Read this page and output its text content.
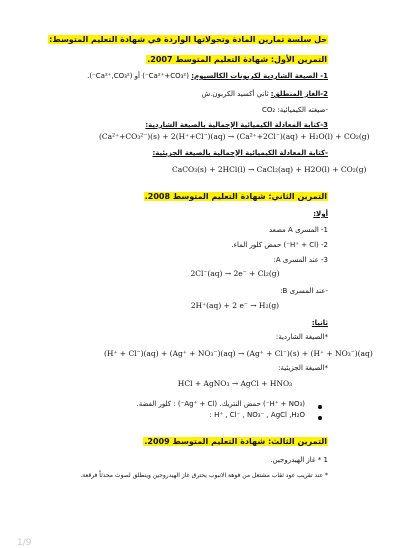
حل سلسة تمارين المادة وتحولاتها الواردة في شهادة التعليم المتوسط:
التمرين الأول: شهادة التعليم المتوسط 2007.
1- الصيغة الشاردية لكربونات الكالسيوم: (Ca²⁺+CO₃²⁻) أو (Ca²⁺,CO₃²⁻).
2-الغاز المنطلق: ثاني أكسيد الكربون.ش
-صيغته الكيميائية: CO₂
3-كتابة المعادلة الكيميائية الإجمالية بالصيغة الشاردية:
(Ca²⁺+CO₃²⁻)(s) + 2(H⁺+Cl⁻)(aq) → (Ca²⁺+2Cl⁻)(aq) + H₂O(l) + CO₂(g)
-كتابة المعادلة الكيميائية الإجمالية بالصيغة الجزيئية:
CaCO₃(s) + 2HCl(l) → CaCl₂(aq) + H2O(l) + CO₂(g)
التمرين الثاني: شهادة التعليم المتوسط 2008.
أولا:
1- المسرى A مصعد
2- (H⁺ + Cl⁻) حمض كلور الماء.
3- عند المسرى A:
2Cl⁻(aq) → 2e⁻ + Cl₂(g)
-عند المسرى B:
2H⁺(aq) + 2 e⁻ → H₂(g)
ثانيا:
*الصيغة الشاردية:
(H⁺ + Cl⁻)(aq) + (Ag⁺ + NO₃⁻)(aq) → (Ag⁺ + Cl⁻)(s) + (H⁺ + NO₃⁻)(aq)
*الصيغة الجزيئية:
HCl + AgNO₃ → AgCl + HNO₃
(H⁺ + NO₃⁻) حمض النتريك. (Ag⁺ + Cl⁻) : كلور الفضة.
H⁺ , Cl⁻ , NO₃⁻ , AgCl ,H₂O :
التمرين الثالث: شهادة التعليم المتوسط 2009.
1 * غاز الهيدروجين.
* عند تقريب عود ثقاب مشتعل من فوهة الانبوب يحترق غاز الهيدروجين وينطلق لصوت محدثاً فرقعة.
1/9
